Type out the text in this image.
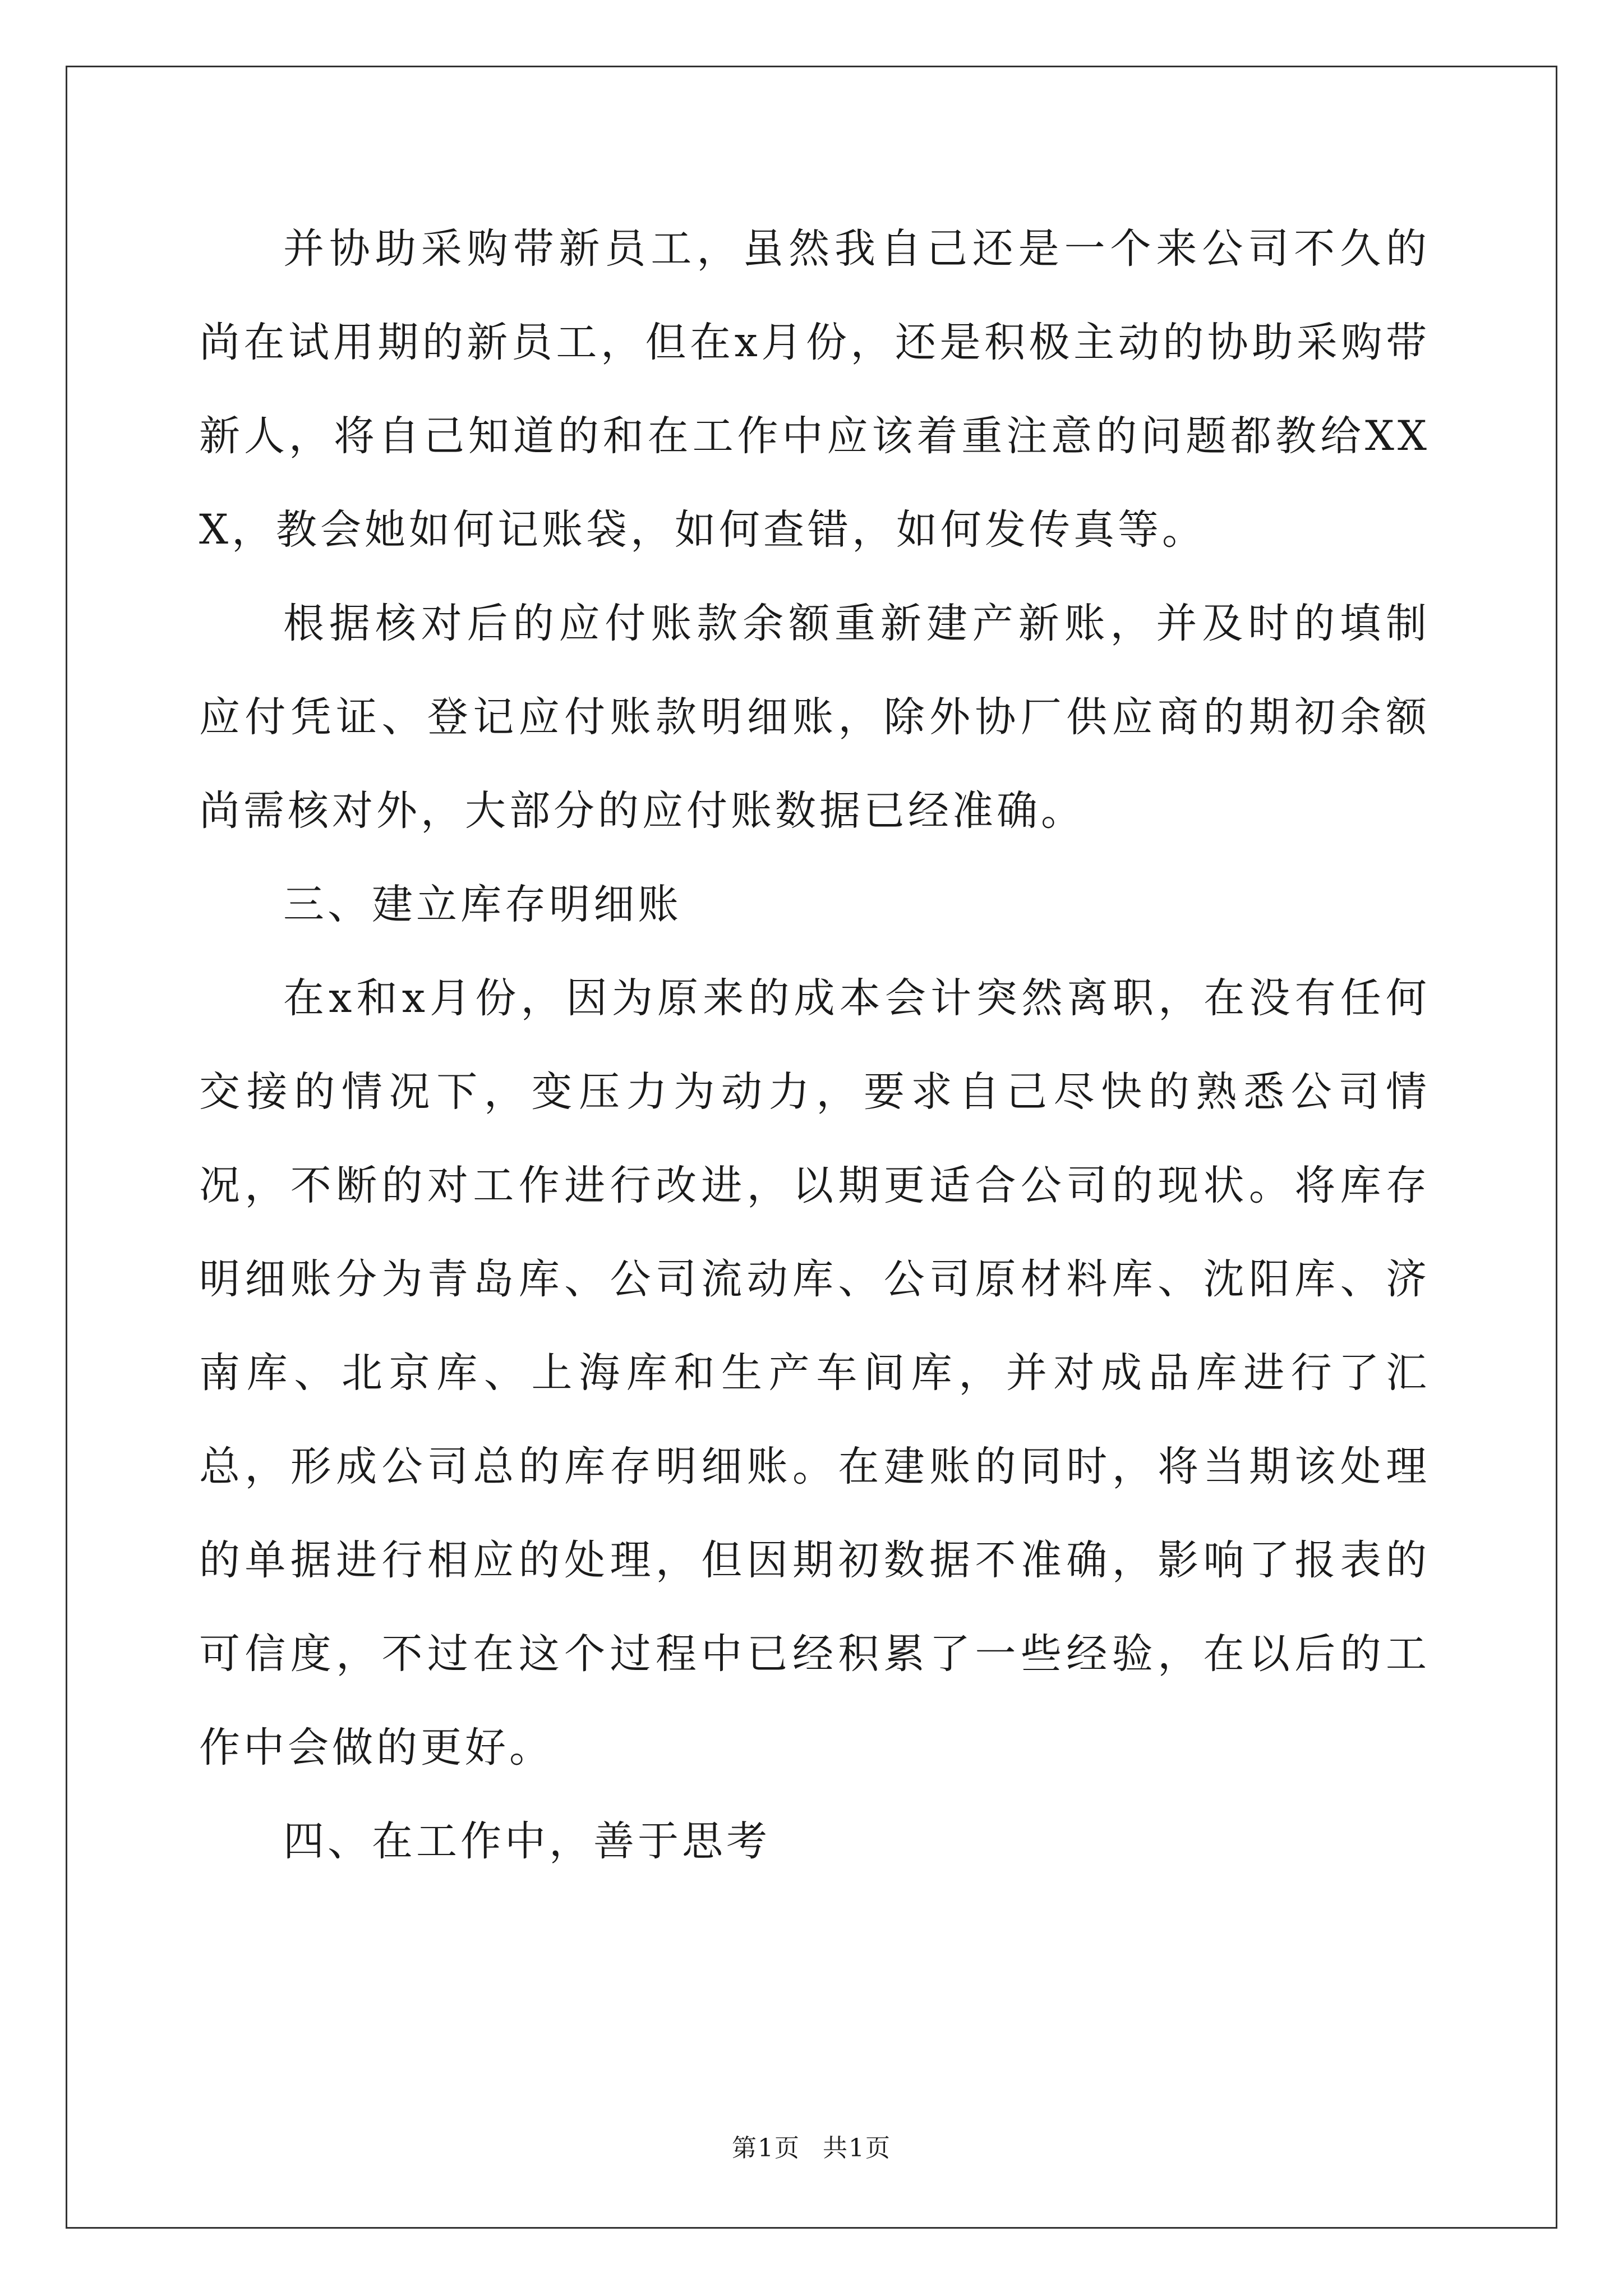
并协助采购带新员工，虽然我自己还是一个来公司不久的尚在试用期的新员工，但在x月份，还是积极主动的协助采购带新人，将自己知道的和在工作中应该着重注意的问题都教给XXX，教会她如何记账袋，如何查错，如何发传真等。

根据核对后的应付账款余额重新建产新账，并及时的填制应付凭证、登记应付账款明细账，除外协厂供应商的期初余额尚需核对外，大部分的应付账数据已经准确。

三、建立库存明细账

在x和x月份，因为原来的成本会计突然离职，在没有任何交接的情况下，变压力为动力，要求自己尽快的熟悉公司情况，不断的对工作进行改进，以期更适合公司的现状。将库存明细账分为青岛库、公司流动库、公司原材料库、沈阳库、济南库、北京库、上海库和生产车间库，并对成品库进行了汇总，形成公司总的库存明细账。在建账的同时，将当期该处理的单据进行相应的处理，但因期初数据不准确，影响了报表的可信度，不过在这个过程中已经积累了一些经验，在以后的工作中会做的更好。

四、在工作中，善于思考

第1页 共1页
